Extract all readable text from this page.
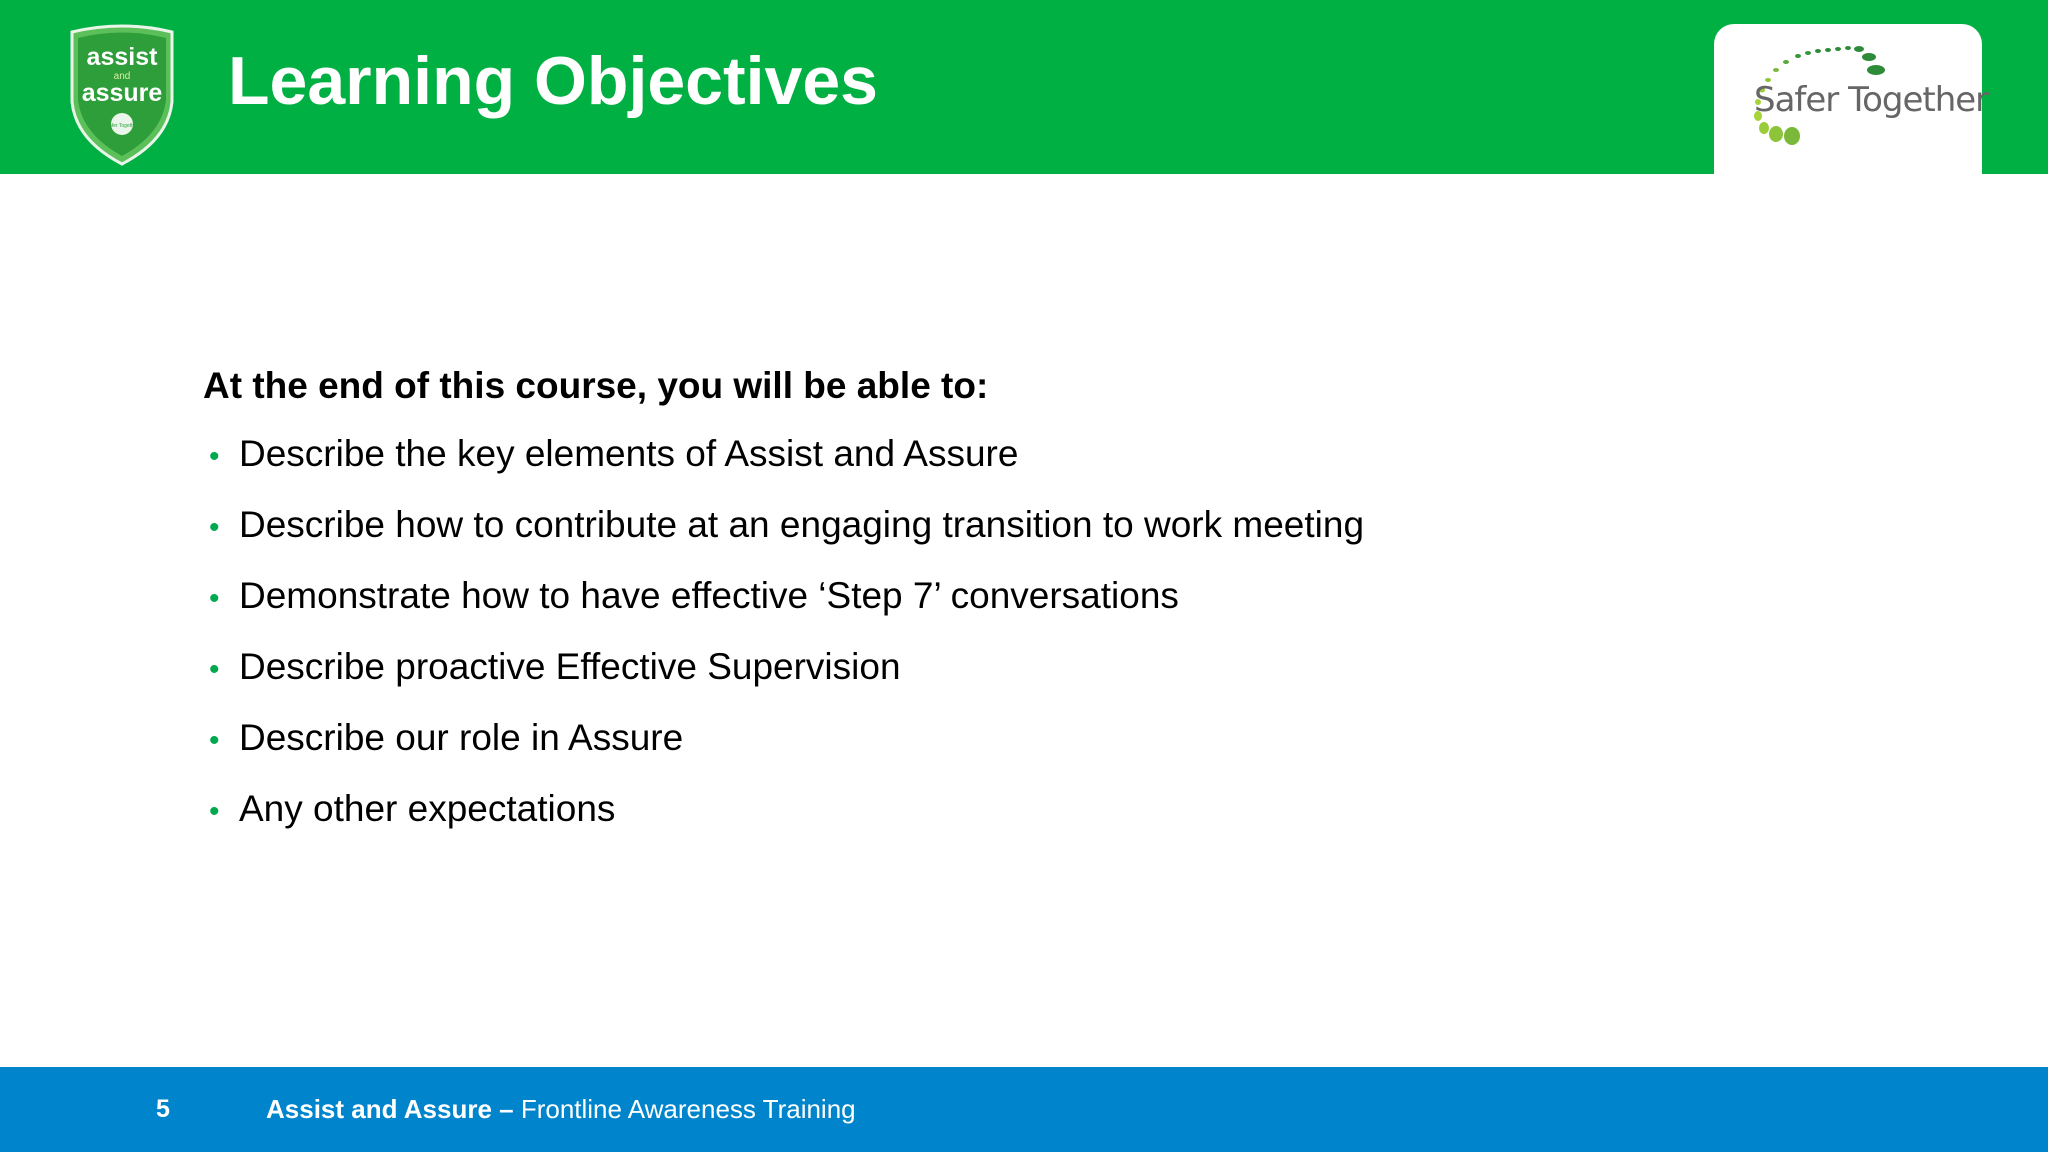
assist
and
assure
Safer Together
Learning Objectives	Safer Together
At the end of this course, you will be able to:
• Describe the key elements of Assist and Assure
• Describe how to contribute at an engaging transition to work meeting
• Demonstrate how to have effective ‘Step 7’ conversations
• Describe proactive Effective Supervision
• Describe our role in Assure
• Any other expectations
5	Assist and Assure – Frontline Awareness Training
